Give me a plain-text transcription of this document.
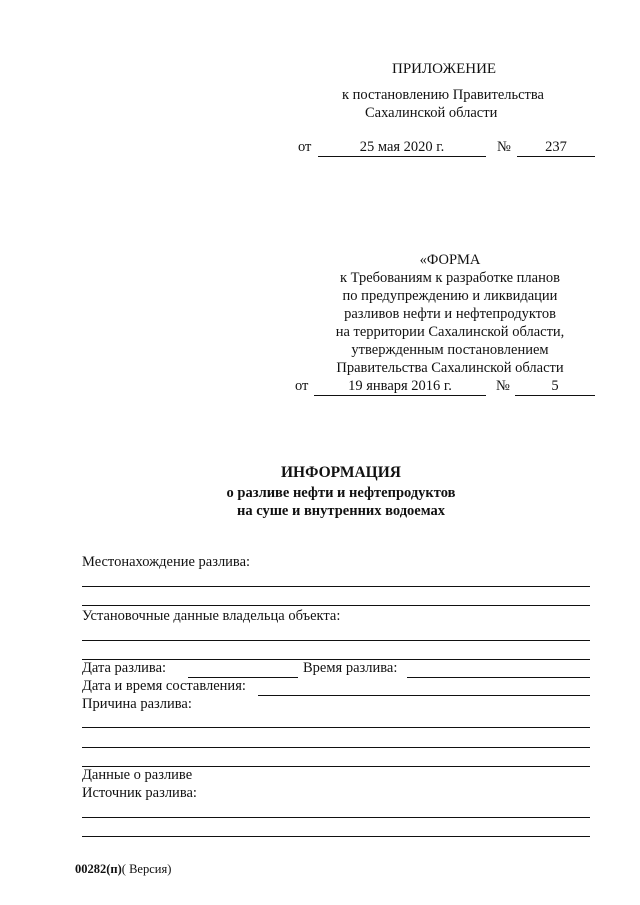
ПРИЛОЖЕНИЕ
к постановлению Правительства
Сахалинской области
от	25 мая 2020 г.	№	237
«ФОРМА
к Требованиям к разработке планов
по предупреждению и ликвидации
разливов нефти и нефтепродуктов
на территории Сахалинской области,
утвержденным постановлением
Правительства Сахалинской области
от	19 января 2016 г.	№	5
ИНФОРМАЦИЯ
о разливе нефти и нефтепродуктов
на суше и внутренних водоемах
Местонахождение разлива:
Установочные данные владельца объекта:
Дата разлива:	Время разлива:
Дата и время составления:
Причина разлива:
Данные о разливе
Источник разлива:
00282(п)( Версия)
